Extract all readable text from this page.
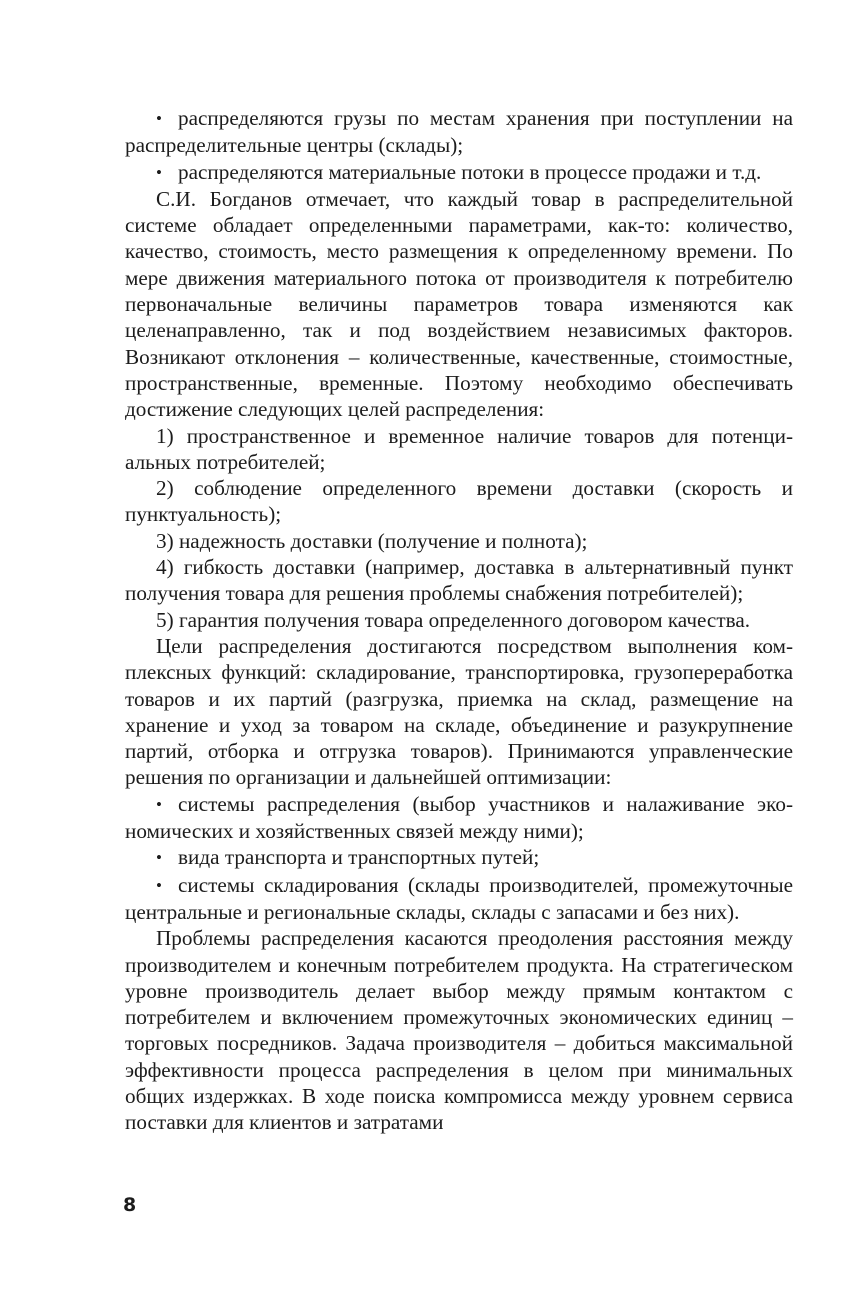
• распределяются грузы по местам хранения при поступлении на распределительные центры (склады);

• распределяются материальные потоки в процессе продажи и т.д.

С.И. Богданов отмечает, что каждый товар в распределительной системе обладает определенными параметрами, как-то: количество, качество, стоимость, место размещения к определенному времени. По мере движения материального потока от производителя к потребителю первоначальные величины параметров товара изменяются как целенаправленно, так и под воздействием независимых факторов. Возникают отклонения – количественные, качественные, стоимостные, пространственные, временные. Поэтому необходимо обеспечивать достижение следующих целей распределения:

1) пространственное и временное наличие товаров для потенциальных потребителей;

2) соблюдение определенного времени доставки (скорость и пунктуальность);

3) надежность доставки (получение и полнота);

4) гибкость доставки (например, доставка в альтернативный пункт получения товара для решения проблемы снабжения потребителей);

5) гарантия получения товара определенного договором качества.

Цели распределения достигаются посредством выполнения комплексных функций: складирование, транспортировка, грузопереработка товаров и их партий (разгрузка, приемка на склад, размещение на хранение и уход за товаром на складе, объединение и разукрупнение партий, отборка и отгрузка товаров). Принимаются управленческие решения по организации и дальнейшей оптимизации:

• системы распределения (выбор участников и налаживание экономических и хозяйственных связей между ними);

• вида транспорта и транспортных путей;

• системы складирования (склады производителей, промежуточные центральные и региональные склады, склады с запасами и без них).

Проблемы распределения касаются преодоления расстояния между производителем и конечным потребителем продукта. На стратегическом уровне производитель делает выбор между прямым контактом с потребителем и включением промежуточных экономических единиц – торговых посредников. Задача производителя – добиться максимальной эффективности процесса распределения в целом при минимальных общих издержках. В ходе поиска компромисса между уровнем сервиса поставки для клиентов и затратами

8
